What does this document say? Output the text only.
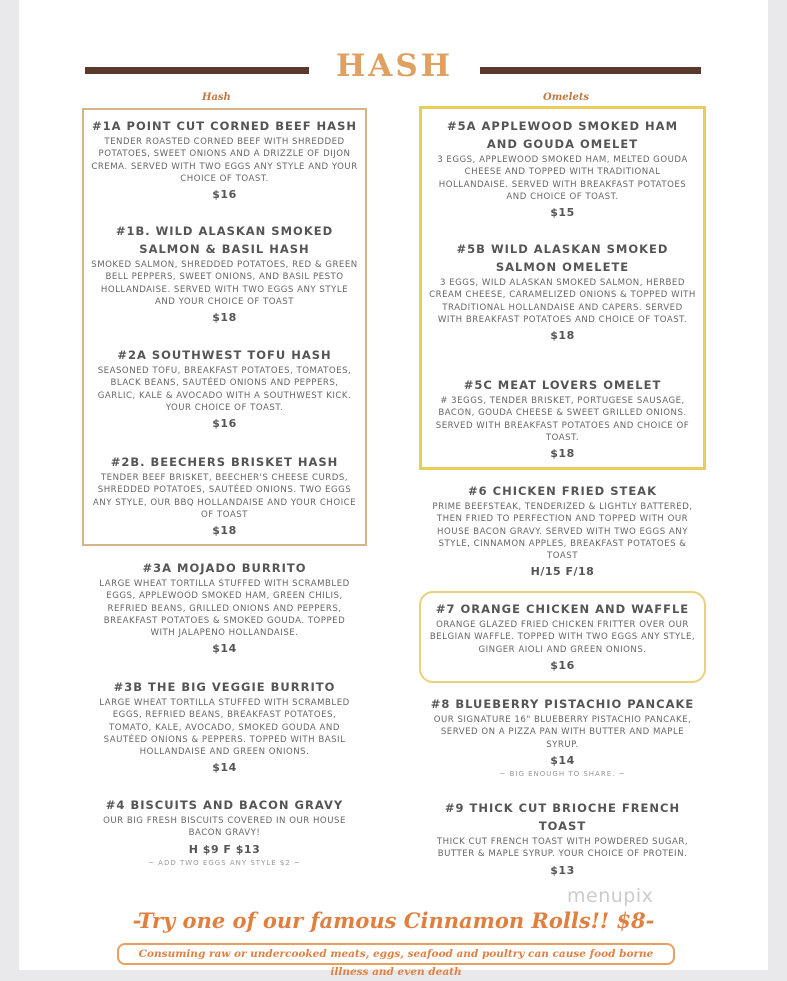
HASH
Hash	Omelets
#1A POINT CUT CORNED BEEF HASH
TENDER ROASTED CORNED BEEF WITH SHREDDED POTATOES, SWEET ONIONS AND A DRIZZLE OF DIJON CREMA. SERVED WITH TWO EGGS ANY STYLE AND YOUR CHOICE OF TOAST.
$16
#1B. WILD ALASKAN SMOKED SALMON & BASIL HASH
SMOKED SALMON, SHREDDED POTATOES, RED & GREEN BELL PEPPERS, SWEET ONIONS, AND BASIL PESTO HOLLANDAISE. SERVED WITH TWO EGGS ANY STYLE AND YOUR CHOICE OF TOAST
$18
#2A SOUTHWEST TOFU HASH
SEASONED TOFU, BREAKFAST POTATOES, TOMATOES, BLACK BEANS, SAUTÉED ONIONS AND PEPPERS, GARLIC, KALE & AVOCADO WITH A SOUTHWEST KICK. YOUR CHOICE OF TOAST.
$16
#2B. BEECHERS BRISKET HASH
TENDER BEEF BRISKET, BEECHER'S CHEESE CURDS, SHREDDED POTATOES, SAUTÉED ONIONS. TWO EGGS ANY STYLE, OUR BBQ HOLLANDAISE AND YOUR CHOICE OF TOAST
$18
#3A MOJADO BURRITO
LARGE WHEAT TORTILLA STUFFED WITH SCRAMBLED EGGS, APPLEWOOD SMOKED HAM, GREEN CHILIS, REFRIED BEANS, GRILLED ONIONS AND PEPPERS, BREAKFAST POTATOES & SMOKED GOUDA. TOPPED WITH JALAPENO HOLLANDAISE.
$14
#3B THE BIG VEGGIE BURRITO
LARGE WHEAT TORTILLA STUFFED WITH SCRAMBLED EGGS, REFRIED BEANS, BREAKFAST POTATOES, TOMATO, KALE, AVOCADO, SMOKED GOUDA AND SAUTÉED ONIONS & PEPPERS. TOPPED WITH BASIL HOLLANDAISE AND GREEN ONIONS.
$14
#4 BISCUITS AND BACON GRAVY
OUR BIG FRESH BISCUITS COVERED IN OUR HOUSE BACON GRAVY!
H $9 F $13
~ ADD TWO EGGS ANY STYLE $2 ~
#5A APPLEWOOD SMOKED HAM AND GOUDA OMELET
3 EGGS, APPLEWOOD SMOKED HAM, MELTED GOUDA CHEESE AND TOPPED WITH TRADITIONAL HOLLANDAISE. SERVED WITH BREAKFAST POTATOES AND CHOICE OF TOAST.
$15
#5B WILD ALASKAN SMOKED SALMON OMELETE
3 EGGS, WILD ALASKAN SMOKED SALMON, HERBED CREAM CHEESE, CARAMELIZED ONIONS & TOPPED WITH TRADITIONAL HOLLANDAISE AND CAPERS. SERVED WITH BREAKFAST POTATOES AND CHOICE OF TOAST.
$18
#5C MEAT LOVERS OMELET
# 3EGGS, TENDER BRISKET, PORTUGESE SAUSAGE, BACON, GOUDA CHEESE & SWEET GRILLED ONIONS. SERVED WITH BREAKFAST POTATOES AND CHOICE OF TOAST.
$18
#6 CHICKEN FRIED STEAK
PRIME BEEFSTEAK, TENDERIZED & LIGHTLY BATTERED, THEN FRIED TO PERFECTION AND TOPPED WITH OUR HOUSE BACON GRAVY. SERVED WITH TWO EGGS ANY STYLE, CINNAMON APPLES, BREAKFAST POTATOES & TOAST
H/15 F/18
#7 ORANGE CHICKEN AND WAFFLE
ORANGE GLAZED FRIED CHICKEN FRITTER OVER OUR BELGIAN WAFFLE. TOPPED WITH TWO EGGS ANY STYLE, GINGER AIOLI AND GREEN ONIONS.
$16
#8 BLUEBERRY PISTACHIO PANCAKE
OUR SIGNATURE 16" BLUEBERRY PISTACHIO PANCAKE, SERVED ON A PIZZA PAN WITH BUTTER AND MAPLE SYRUP.
$14
~ BIG ENOUGH TO SHARE. ~
#9 THICK CUT BRIOCHE FRENCH TOAST
THICK CUT FRENCH TOAST WITH POWDERED SUGAR, BUTTER & MAPLE SYRUP. YOUR CHOICE OF PROTEIN.
$13
menupix
-Try one of our famous Cinnamon Rolls!! $8-
Consuming raw or undercooked meats, eggs, seafood and poultry can cause food borne illness and even death
